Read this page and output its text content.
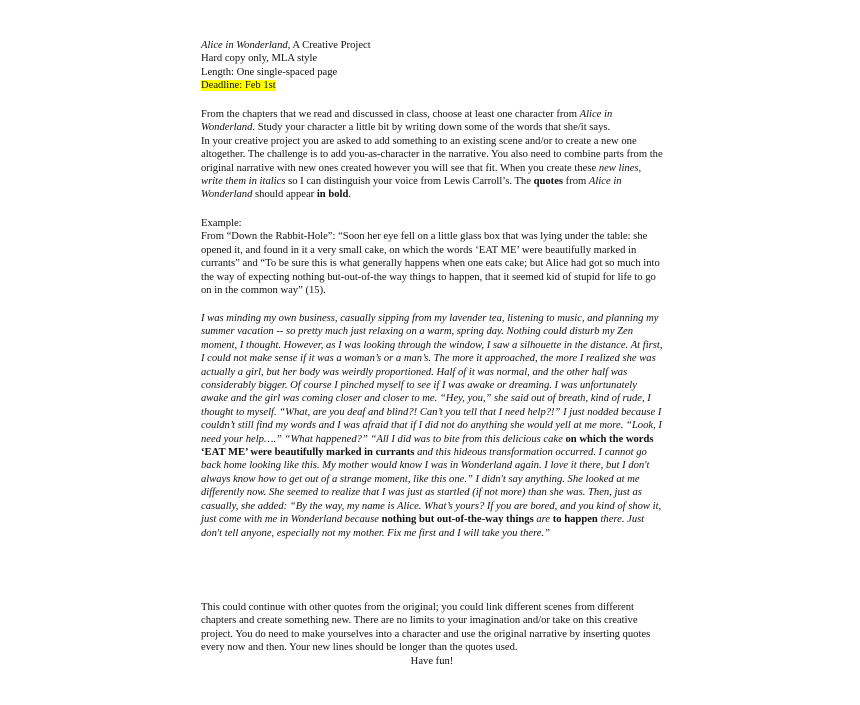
Alice in Wonderland, A Creative Project
Hard copy only, MLA style
Length: One single-spaced page
Deadline: Feb 1st

From the chapters that we read and discussed in class, choose at least one character from Alice in Wonderland. Study your character a little bit by writing down some of the words that she/it says.
In your creative project you are asked to add something to an existing scene and/or to create a new one altogether. The challenge is to add you-as-character in the narrative. You also need to combine parts from the original narrative with new ones created however you will see that fit. When you create these new lines, write them in italics so I can distinguish your voice from Lewis Carroll’s. The quotes from Alice in Wonderland should appear in bold.

Example:

From “Down the Rabbit-Hole”: “Soon her eye fell on a little glass box that was lying under the table: she opened it, and found in it a very small cake, on which the words ‘EAT ME’ were beautifully marked in currants” and “To be sure this is what generally happens when one eats cake; but Alice had got so much into the way of expecting nothing but-out-of-the way things to happen, that it seemed kid of stupid for life to go on in the common way” (15).

I was minding my own business, casually sipping from my lavender tea, listening to music, and planning my summer vacation -- so pretty much just relaxing on a warm, spring day. Nothing could disturb my Zen moment, I thought. However, as I was looking through the window, I saw a silhouette in the distance. At first, I could not make sense if it was a woman’s or a man’s. The more it approached, the more I realized she was actually a girl, but her body was weirdly proportioned. Half of it was normal, and the other half was considerably bigger. Of course I pinched myself to see if I was awake or dreaming. I was unfortunately awake and the girl was coming closer and closer to me. “Hey, you,” she said out of breath, kind of rude, I thought to myself. “What, are you deaf and blind?! Can’t you tell that I need help?!” I just nodded because I couldn’t still find my words and I was afraid that if I did not do anything she would yell at me more. “Look, I need your help….” “What happened?” “All I did was to bite from this delicious cake on which the words ‘EAT ME’ were beautifully marked in currants and this hideous transformation occurred. I cannot go back home looking like this. My mother would know I was in Wonderland again. I love it there, but I don't always know how to get out of a strange moment, like this one.” I didn't say anything. She looked at me differently now. She seemed to realize that I was just as startled (if not more) than she was. Then, just as casually, she added: “By the way, my name is Alice. What’s yours? If you are bored, and you kind of show it, just come with me in Wonderland because nothing but out-of-the-way things are to happen there. Just don't tell anyone, especially not my mother. Fix me first and I will take you there.”

This could continue with other quotes from the original; you could link different scenes from different chapters and create something new. There are no limits to your imagination and/or take on this creative project. You do need to make yourselves into a character and use the original narrative by inserting quotes every now and then. Your new lines should be longer than the quotes used.

Have fun!
